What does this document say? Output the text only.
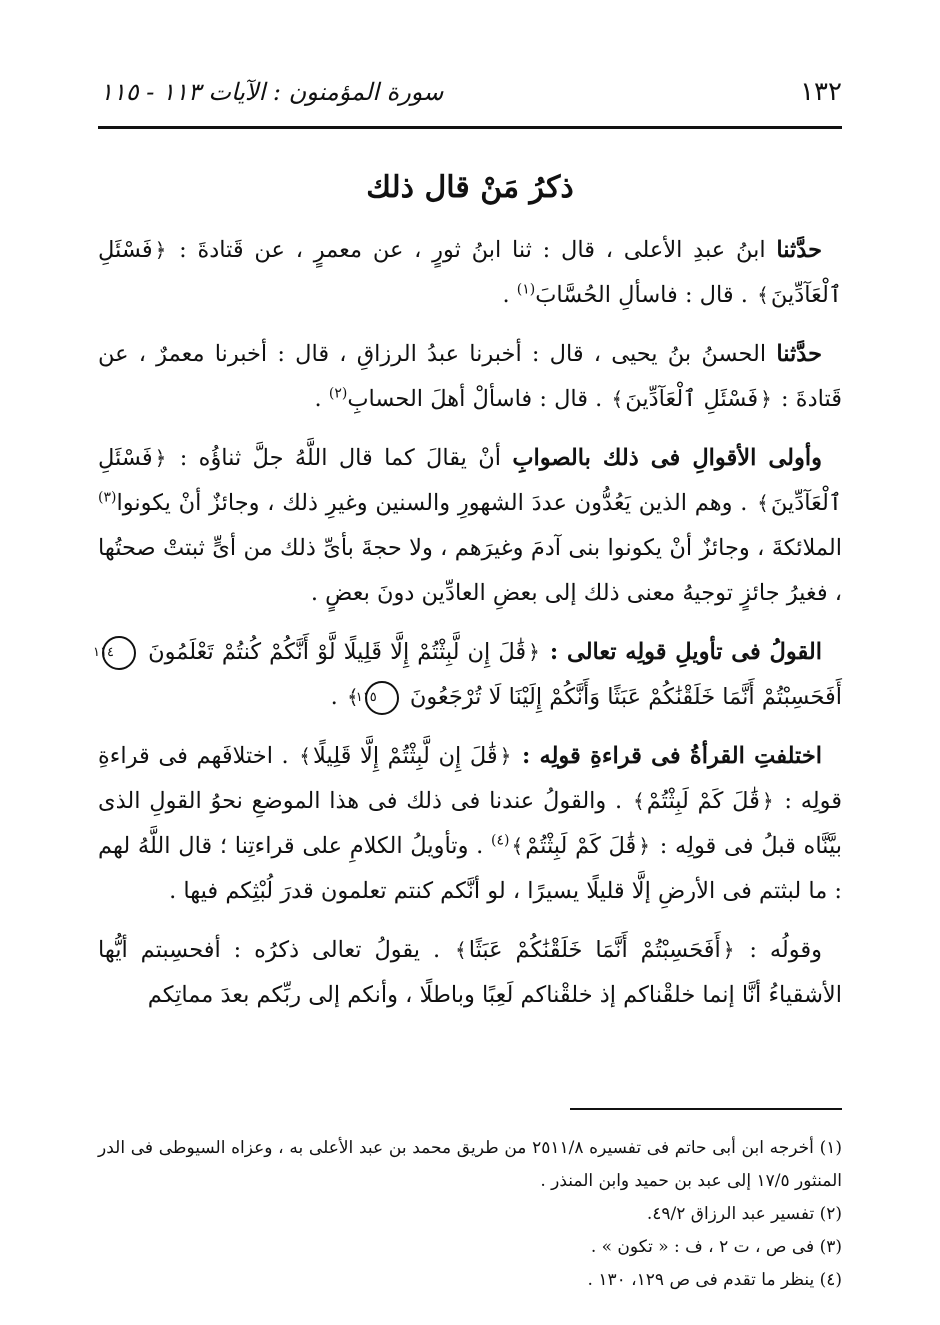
١٣٢
سورة المؤمنون : الآيات ١١٣ - ١١٥
ذكرُ مَنْ قال ذلك

حدَّثنا ابنُ عبدِ الأعلى ، قال : ثنا ابنُ ثورٍ ، عن معمرٍ ، عن قَتادةَ : ﴿فَسْئَلِ ٱلْعَآدِّينَ﴾ . قال : فاسألِ الحُسَّابَ$^{(١)}$ .

حدَّثنا الحسنُ بنُ يحيى ، قال : أخبرنا عبدُ الرزاقِ ، قال : أخبرنا معمرٌ ، عن قَتادةَ : ﴿فَسْئَلِ ٱلْعَآدِّينَ﴾ . قال : فاسألْ أهلَ الحسابِ$^{(٢)}$ .

وأولى الأقوالِ فى ذلك بالصوابِ أنْ يقالَ كما قال اللَّهُ جلَّ ثناؤُه : ﴿فَسْئَلِ ٱلْعَآدِّينَ﴾ . وهم الذين يَعُدُّون عددَ الشهورِ والسنين وغيرِ ذلك ، وجائزٌ أنْ يكونوا$^{(٣)}$ الملائكةَ ، وجائزٌ أنْ يكونوا بنى آدمَ وغيرَهم ، ولا حجةَ بأىِّ ذلك من أىٍّ ثبتتْ صحتُها ، فغيرُ جائزٍ توجيهُ معنى ذلك إلى بعضِ العادِّين دونَ بعضٍ .

القولُ فى تأويلِ قولِه تعالى : ﴿قَٰلَ إِن لَّبِثْتُمْ إِلَّا قَلِيلًا لَّوْ أَنَّكُمْ كُنتُمْ تَعْلَمُونَ ١١٤ أَفَحَسِبْتُمْ أَنَّمَا خَلَقْنَٰكُمْ عَبَثًا وَأَنَّكُمْ إِلَيْنَا لَا تُرْجَعُونَ ١١٥﴾ .

اختلفتِ القرأةُ فى قراءةِ قولِه : ﴿قَٰلَ إِن لَّبِثْتُمْ إِلَّا قَلِيلًا﴾ . اختلافَهم فى قراءةِ قولِه : ﴿قَٰلَ كَمْ لَبِثْتُمْ﴾ . والقولُ عندنا فى ذلك فى هذا الموضعِ نحوُ القولِ الذى بيَّنَّاه قبلُ فى قولِه : ﴿قَٰلَ كَمْ لَبِثْتُمْ﴾$^{(٤)}$ . وتأويلُ الكلامِ على قراءتِنا ؛ قال اللَّهُ لهم : ما لبثتم فى الأرضِ إلَّا قليلًا يسيرًا ، لو أنَّكم كنتم تعلمون قدرَ لُبْثِكم فيها .

وقولُه : ﴿أَفَحَسِبْتُمْ أَنَّمَا خَلَقْنَٰكُمْ عَبَثًا﴾ . يقولُ تعالى ذكرُه : أفحسِبتم أيُّها الأشقياءُ أنَّا إنما خلقْناكم إذ خلقْناكم لَعِبًا وباطلًا ، وأنكم إلى ربِّكم بعدَ مماتِكم

(١) أخرجه ابن أبى حاتم فى تفسيره ٢٥١١/٨ من طريق محمد بن عبد الأعلى به ، وعزاه السيوطى فى الدر المنثور ١٧/٥ إلى عبد بن حميد وابن المنذر .

(٢) تفسير عبد الرزاق ٤٩/٢.

(٣) فى ص ، ت ٢ ، ف : « تكون » .

(٤) ينظر ما تقدم فى ص ١٢٩، ١٣٠ .
